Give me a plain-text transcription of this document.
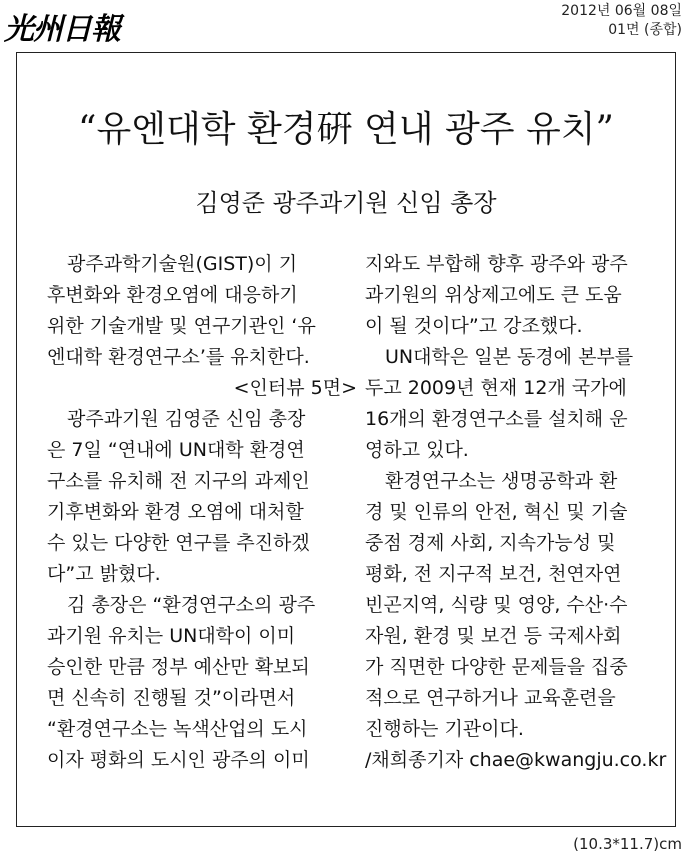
光州日報
2012년 06월 08일
01면 (종합)
“유엔대학 환경硏 연내 광주 유치”
김영준 광주과기원 신임 총장

광주과학기술원(GIST)이 기

후변화와 환경오염에 대응하기

위한 기술개발 및 연구기관인 ‘유

엔대학 환경연구소’를 유치한다.

<인터뷰 5면>

광주과기원 김영준 신임 총장

은 7일 “연내에 UN대학 환경연

구소를 유치해 전 지구의 과제인

기후변화와 환경 오염에 대처할

수 있는 다양한 연구를 추진하겠

다”고 밝혔다.

김 총장은 “환경연구소의 광주

과기원 유치는 UN대학이 이미

승인한 만큼 정부 예산만 확보되

면 신속히 진행될 것”이라면서

“환경연구소는 녹색산업의 도시

이자 평화의 도시인 광주의 이미

지와도 부합해 향후 광주와 광주

과기원의 위상제고에도 큰 도움

이 될 것이다”고 강조했다.

UN대학은 일본 동경에 본부를

두고 2009년 현재 12개 국가에

16개의 환경연구소를 설치해 운

영하고 있다.

환경연구소는 생명공학과 환

경 및 인류의 안전, 혁신 및 기술

중점 경제 사회, 지속가능성 및

평화, 전 지구적 보건, 천연자연

빈곤지역, 식량 및 영양, 수산·수

자원, 환경 및 보건 등 국제사회

가 직면한 다양한 문제들을 집중

적으로 연구하거나 교육훈련을

진행하는 기관이다.

/채희종기자 chae@kwangju.co.kr

(10.3*11.7)cm
